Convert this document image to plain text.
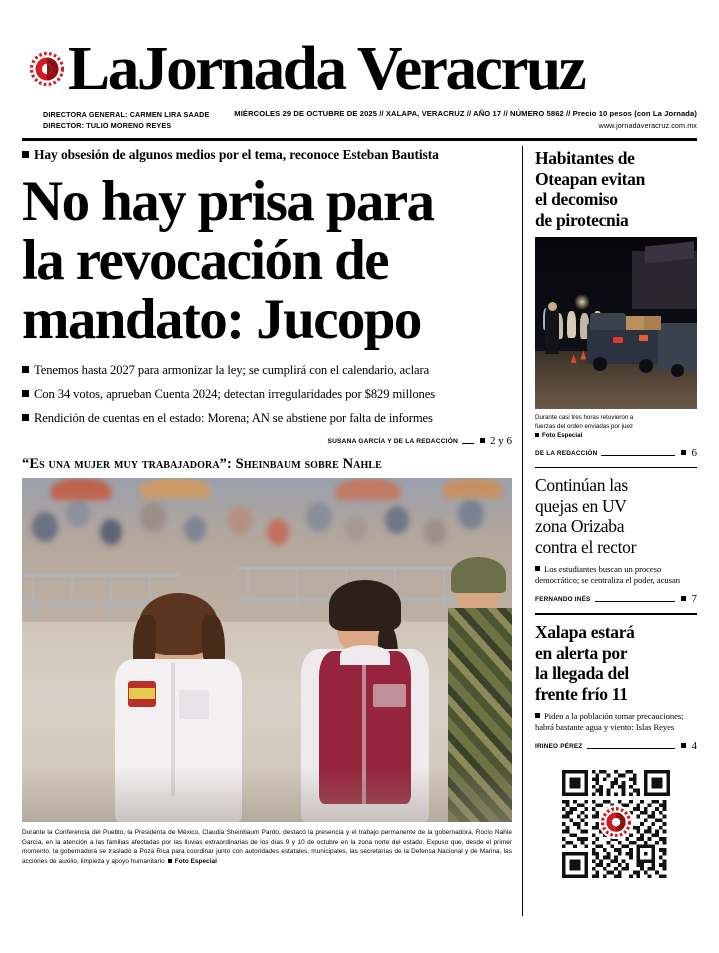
LaJornada Veracruz
DIRECTORA GENERAL: CARMEN LIRA SAADE
DIRECTOR: TULIO MORENO REYES
MIÉRCOLES 29 DE OCTUBRE DE 2025 // XALAPA, VERACRUZ // AÑO 17 // NÚMERO 5862 // Precio 10 pesos (con La Jornada)
www.jornadaveracruz.com.mx
Hay obsesión de algunos medios por el tema, reconoce Esteban Bautista
No hay prisa para
la revocación de
mandato: Jucopo
Tenemos hasta 2027 para armonizar la ley; se cumplirá con el calendario, aclara
Con 34 votos, aprueban Cuenta 2024; detectan irregularidades por $829 millones
Rendición de cuentas en el estado: Morena; AN se abstiene por falta de informes
SUSANA GARCÍA Y DE LA REDACCIÓN	2 y 6
“Es una mujer muy trabajadora”: Sheinbaum sobre Nahle
Durante la Conferencia del Pueblo, la Presidenta de México, Claudia Sheinbaum Pardo, destacó la presencia y el trabajo permanente de la gobernadora, Rocío Nahle García, en la atención a las familias afectadas por las lluvias extraordinarias de los días 9 y 10 de octubre en la zona norte del estado. Expuso que, desde el primer momento, la gobernadora se trasladó a Poza Rica para coordinar junto con autoridades estatales, municipales, las secretarías de la Defensa Nacional y de Marina, las acciones de auxilio, limpieza y apoyo humanitario Foto Especial
Habitantes de
Oteapan evitan
el decomiso
de pirotecnia
Durante casi tres horas retuvieron a
fuerzas del orden enviadas por juez
Foto Especial
DE LA REDACCIÓN	6
Continúan las
quejas en UV
zona Orizaba
contra el rector
Los estudiantes buscan un proceso democrático; se centraliza el poder, acusan
FERNANDO INÉS	7
Xalapa estará
en alerta por
la llegada del
frente frío 11
Piden a la población tomar precauciones; habrá bastante agua y viento: Islas Reyes
IRINEO PÉREZ	4
